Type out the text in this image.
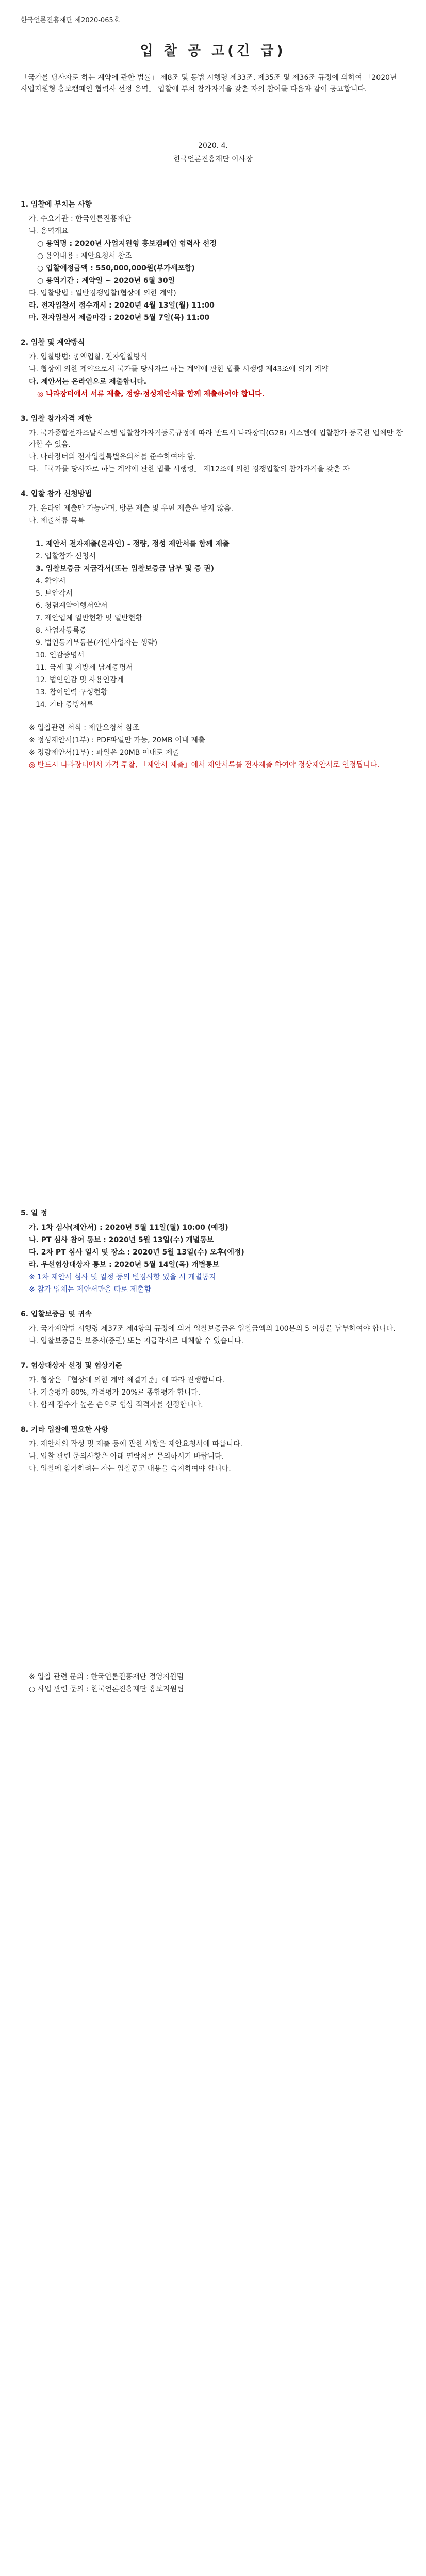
한국언론진흥재단 제2020-065호
입 찰 공 고(긴 급)
「국가를 당사자로 하는 계약에 관한 법률」 제8조 및 동법 시행령 제33조, 제35조 및 제36조 규정에 의하여 「2020년 사업지원형 홍보캠페인 협력사 선정 용역」 입찰에 부쳐 참가자격을 갖춘 자의 참여를 다음과 같이 공고합니다.
2020. 4.
한국언론진흥재단 이사장
1. 입찰에 부치는 사항
가. 수요기관 : 한국언론진흥재단
나. 용역개요
○ 용역명 : 2020년 사업지원형 홍보캠페인 협력사 선정
○ 용역내용 : 제안요청서 참조
○ 입찰예정금액 : 550,000,000원(부가세포함)
○ 용역기간 : 계약일 ~ 2020년 6월 30일
다. 입찰방법 : 일반경쟁입찰(협상에 의한 계약)
라. 전자입찰서 접수개시 : 2020년 4월 13일(월) 11:00
마. 전자입찰서 제출마감 : 2020년 5월 7일(목) 11:00
2. 입찰 및 계약방식
가. 입찰방법: 총액입찰, 전자입찰방식
나. 협상에 의한 계약으로서 국가를 당사자로 하는 계약에 관한 법률 시행령 제43조에 의거 계약
다. 제안서는 온라인으로 제출합니다.
◎ 나라장터에서 서류 제출, 정량·정성제안서를 함께 제출하여야 합니다.
3. 입찰 참가자격 제한
가. 국가종합전자조달시스템 입찰참가자격등록규정에 따라 반드시 나라장터(G2B) 시스템에 입찰참가 등록한 업체만 참가할 수 있음.
나. 나라장터의 전자입찰특별유의서를 준수하여야 함.
다. 「국가를 당사자로 하는 계약에 관한 법률 시행령」 제12조에 의한 경쟁입찰의 참가자격을 갖춘 자
4. 입찰 참가 신청방법
가. 온라인 제출만 가능하며, 방문 제출 및 우편 제출은 받지 않음.
나. 제출서류 목록
1. 제안서 전자제출(온라인) - 정량, 정성 제안서를 함께 제출
2. 입찰참가 신청서
3. 입찰보증금 지급각서(또는 입찰보증금 납부 및 증 권)
4. 확약서
5. 보안각서
6. 청렴계약이행서약서
7. 제안업체 일반현황 및 일반현황
8. 사업자등록증
9. 법인등기부등본(개인사업자는 생략)
10. 인감증명서
11. 국세 및 지방세 납세증명서
12. 법인인감 및 사용인감계
13. 참여인력 구성현황
14. 기타 증빙서류
※ 입찰관련 서식 : 제안요청서 참조
※ 정성제안서(1부) : PDF파일만 가능, 20MB 이내 제출
※ 정량제안서(1부) : 파일은 20MB 이내로 제출
◎ 반드시 나라장터에서 가격 투찰, 「제안서 제출」에서 제안서류를 전자제출 하여야 정상제안서로 인정됩니다.
5. 일 정
가. 1차 심사(제안서) : 2020년 5월 11일(월) 10:00 (예정)
나. PT 심사 참여 통보 : 2020년 5월 13일(수) 개별통보
다. 2차 PT 심사 일시 및 장소 : 2020년 5월 13일(수) 오후(예정)
라. 우선협상대상자 통보 : 2020년 5월 14일(목) 개별통보
※ 1차 제안서 심사 및 일정 등의 변경사항 있을 시 개별통지
※ 참가 업체는 제안서만을 따로 제출함
6. 입찰보증금 및 귀속
가. 국가계약법 시행령 제37조 제4항의 규정에 의거 입찰보증금은 입찰금액의 100분의 5 이상을 납부하여야 합니다.
나. 입찰보증금은 보증서(증권) 또는 지급각서로 대체할 수 있습니다.
7. 협상대상자 선정 및 협상기준
가. 협상은 「협상에 의한 계약 체결기준」에 따라 진행합니다.
나. 기술평가 80%, 가격평가 20%로 종합평가 합니다.
다. 합계 점수가 높은 순으로 협상 적격자를 선정합니다.
8. 기타 입찰에 필요한 사항
가. 제안서의 작성 및 제출 등에 관한 사항은 제안요청서에 따릅니다.
나. 입찰 관련 문의사항은 아래 연락처로 문의하시기 바랍니다.
다. 입찰에 참가하려는 자는 입찰공고 내용을 숙지하여야 합니다.
※ 입찰 관련 문의 : 한국언론진흥재단 경영지원팀
○ 사업 관련 문의 : 한국언론진흥재단 홍보지원팀
